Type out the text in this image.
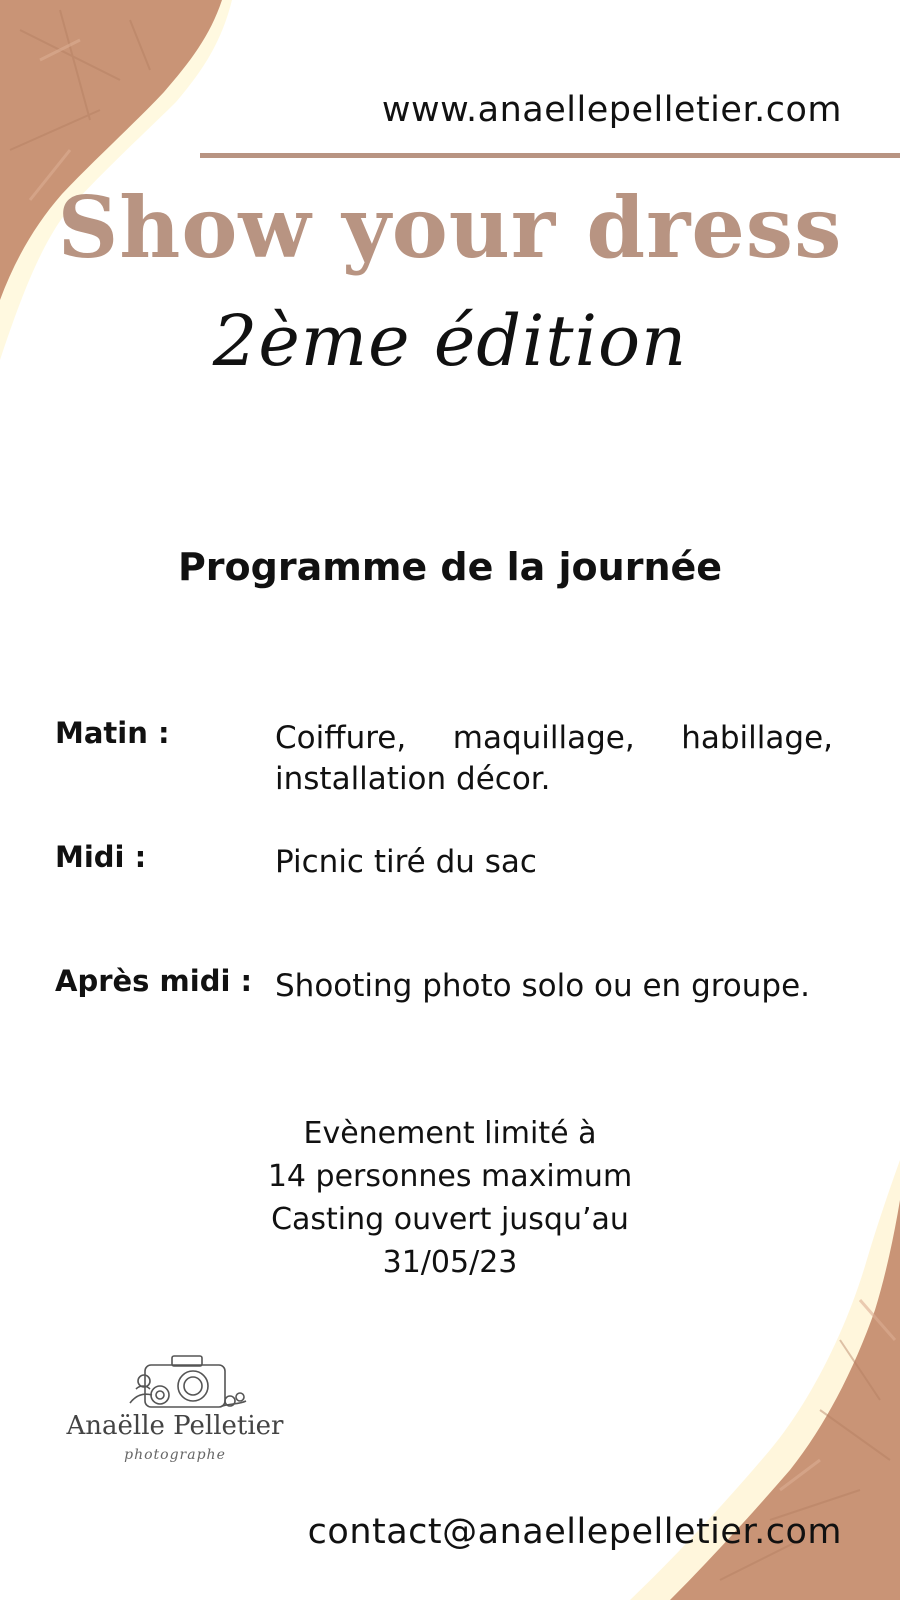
www.anaellepelletier.com
Show your dress
2ème édition
Programme de la journée
Matin :	Coiffure, maquillage, habillage, installation décor.
Midi :	Picnic tiré du sac
Après midi : Shooting photo solo ou en groupe.
Evènement limité à
14 personnes maximum
Casting ouvert jusqu’au
31/05/23
Anaëlle Pelletier
photographe
contact@anaellepelletier.com
